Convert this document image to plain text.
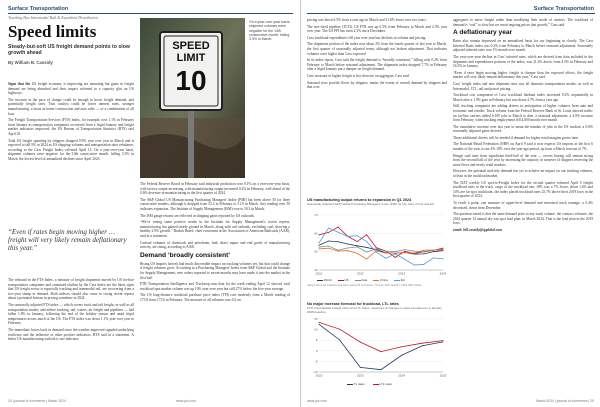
Surface Transportation
Trucking Has Intermodal Rail & Expedited Distribution
Speed limits
Steady-but-soft US freight demand points to slow growth ahead
By William B. Cassidy
SPEED
LIMIT
10
On a year-over-year basis, shipment volumes were negative for the 14th consecutive month, falling 3.3% in March.

Signs that the US freight economy is improving are mounting but gains in freight demand are being absorbed and their impact softened in a capacity glut on US highways.

The increase in the pace of change could be enough to boost freight demand, and potentially freight rates. That catalyst could be lower interest rates, stronger manufacturing, a boost in home construction and auto sales — or a combination of all four.

The Freight Transportation Services (FTS) Index, for example, rose 1.1% in February from January as transportation companies recovered from a frigid January and freight market indicators improved, the US Bureau of Transportation Statistics (BTS) said April 10.

Total US freight spending by shippers dropped 9.9% year over year in March and is expected to fall 9% in 2024 as US shipping volumes and transportation rates rebalance, according to the Cass Freight Index, released April 15. On a year-over-year basis, shipment volumes were negative for the 14th consecutive month, falling 3.3% in March, the lowest level of annualized declines since April 2023.

“Even if rates begin moving higher … freight will very likely remain deflationary this year.”

The rebound in the FTS Index, a measure of freight shipments moved by US for-hire transportation companies and continued rhythm by the Cass Index are the latest signs that US freight sector is especially trucking and intermodal rail, are recovering from a two-year slump in demand. Both indexes should also come to strong recent reports about a potential bottom in pricing sometime in 2024.

The seasonally adjusted FTS index — which covers truck and rail freight, as well as all transportation modes, and airline trucking, rail, waters, air freight and pipelines — had fallen 1.8% in January, following the end of the holiday season and amid frigid temperatures across much of the US. The FTS index was down 1.1% year over year in February.

The immediate forces back in demand since the weather improved signaled underlying resilience and the influence of other positive indicators. BTS said in a statement. A better US manufacturing outlook is one indicator.

The Federal Reserve Board in February said industrial production rose 0.1% on a year-over-year basis, with factory output increasing, with manufacturing output increased 0.2% in February, well ahead of the 0.6% decrease in manufacturing in the first quarter of 2024.

The S&P Global US Manufacturing Purchasing Managers' Index (PMI) has been above 50 for three consecutive months, although it dropped from 52.2 in February to 51.9 in March. Any reading over 50 indicates expansion. The Institute of Supply Management (ISM) rose to 50.3 in March.

The ISM gauge returns are reflected in shipping gains reported by US railroads.

“We’re seeing some positive trends in the Institute for Supply Management's recent reports, manufacturing has gained steady ground in March, along with rail carloads, excluding coal, showing a healthy 2.9% growth,” Beulah Beard, chief economist at the Association of American Railroads (AAR), said in a statement.

Carload volumes of chemicals and petroleum, both direct inputs and end goods of manufacturing activity, are rising, according to AAR.

Demand ‘broadly consistent’

Rising US imports haven't had much discernible impact on trucking volumes yet, but that could change if freight volumes grow. According to a Purchasing Managers' Index from S&P Global and the Institute for Supply Management, new orders reported to recent months may have made it into the market in the first half.

FTR Transportation Intelligence and Truckstop.com data for the week ending April 12 showed total truckload spot market volume was up 10% year over year but still 27% below the five-year average.

The US long-distance truckload purchase price index (TPI) rose modestly from a March reading of 173.8 from 175.6 in February. The measure of all volumes rose 0.4 on.

24 | journal of commerce | March 2024	www.joc.com
Surface Transportation

pricing was down 6.5% from a year ago in March and 21.6% lower over two years.

The two-fixed pipeline (TLTI), US FTR was up 0.5% from February to March and 2.3% year over year. The US PPI has risen 2.5% since December.

Cass truckload expenditures fell year over year but declines in volume and pricing.

The shipments portion of the index rose about 2% from the fourth quarter of last year to March, the first quarter of seasonally adjusted terms, although not broken adjustment. That indicates volumes were higher than Cass expected.

In its index report, Cass said the freight demand is “broadly consistent,” falling only 0.2% from February to March before seasonal adjustment. The shipments index dropped 7.7% in February after a frigid January put a damper on freight demand.

Cass' measure of higher freight is less decisive on aggregate, Cass said.

Seasonal rises provide floors by shippers, masks the extent of overall demand by shippers and that over

US manufacturing output returns to expansion in Q1 2024
Seasonally adjusted S&P Global Purchasing Managers' Index (PMI) for US, Asia, China and EU
70
60
50
40
2021	2022	2023	2024
Values above 50 indicate expansion, below 50 contraction. Source: S&P Global © 2024 S&P Global
World	US	Asia	China	EU
No major increase forecast for truckload, LTL rates
FTR Consolidated Freight Index and LTL Index, measures of changes in rates compared to a January 2008 baseline
15
10
5
0
-5
-10
2022	2023	2024	2025
TL rates	LTL rates

aggregates to move freight rather than modifying their mode of carriers. The truckload of demand is “soft” to slow but we await ongoing prices that growth,” Cass said.

A deflationary year

Rates also remain depressed on an annualized basis for our beginning in closely. The Cass Inferred Rates index was 0.2% from February to March before seasonal adjustment. Seasonally adjusted inferred rates rose 1% month over month.

The year-over-year decline in Cass' inferred rates, which are derived from data included in dry shipments and expenditures portions of the index, was 21.4% down, from 4.5% in February and 16.5% in January.

“Even if rates begin moving higher, freight is cheaper than the expected effects, the freight market will very likely remain deflationary this year,” Cass said.

Cass' freight index and new shipment rises stay all domestic transportation modes, as well as Intermodal, LTL, rail and parcel pricing.

Truckload cost component of Cass' truckload linehaul index increased 0.2% sequentially in March after a 1.9% gain in February but was down 4.7% from a year ago.

Still, trucking companies are adding drivers in anticipation of higher volumes from auto and economic and retailer. Truck volume from the Federal Reserve Bank of St. Louis showed traffic on for-hire carriers added 6,100 jobs in March to date, a seasonal adjustment, a 4.9% increase from February, when trucking employment fell 4,000 month over month.

The cumulative increase over last year to mean the number of jobs in the US trucked, a 0.8% seasonally adjusted gains derived.

Those additional drivers will be needed if demand for higher retail margins grows time.

The National Retail Federation (NRF) on April 9 said it now expects US imports in the first 6 months of the year to rise 2% 10% over the year-ago period, up from a March forecast of 7%.

Hengst said rates from significant third-half of the year — excess buying will remain strong from the second half of the year by increasing the capacity in turnover of shippers receiving the more flows and newly retail markets.

However, the potential mid-tidy demand has yet to achieve an impact on our trucking volumes, at least in the truckload market.

The DAT weekly US spot-to-Freight Index for the second quarter released April 9 freight truckload rates to the truck, cargo of the truckload van, 18% was a 7% lower, down 1.4% and 14% are far spot truckloads, the index placed truckload rates 25.7% above their 2019 lows in the first quarter of 2024.

To reach a point, one measure of upper-level demand and increased truck tonnage, a 0.4% decreased, down from December.

The question raised is that the same demand prior to any truck volume: the contract volumes, the 2024 quarter 14 annual dry van spot load plan; in March 2024. That is the load plan in the 2019 lows.

email: bill.cassidy@spglobal.com

www.joc.com	March 2024 | journal of commerce | 25
